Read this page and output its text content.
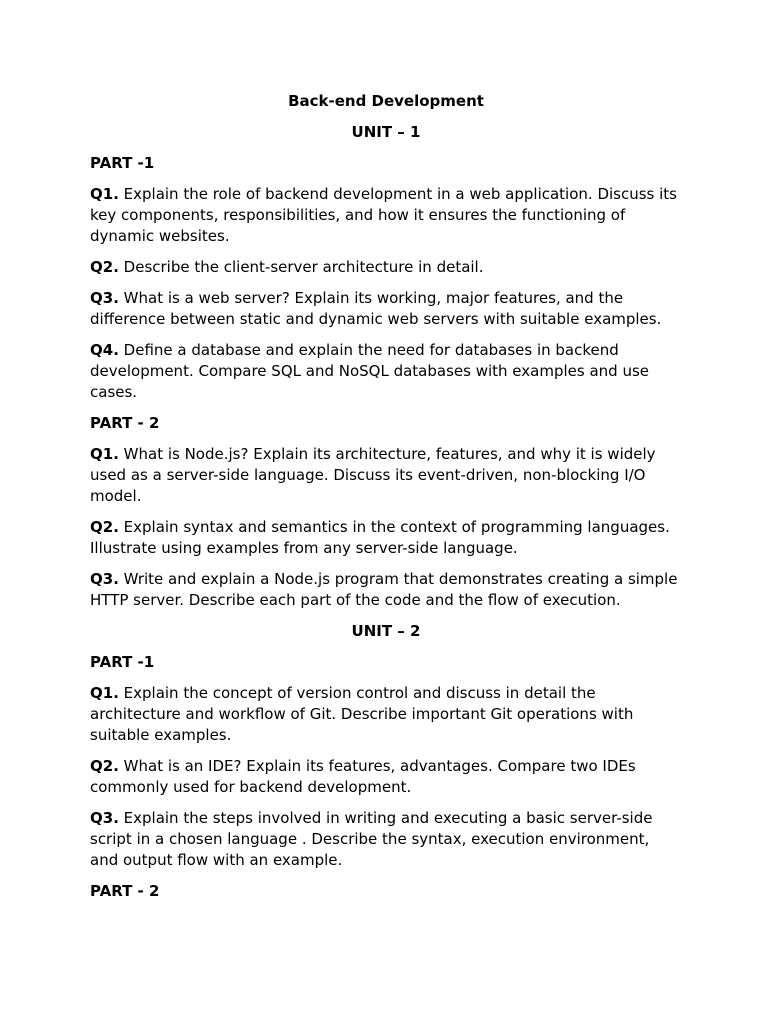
Back-end Development
UNIT – 1
PART -1

Q1. Explain the role of backend development in a web application. Discuss its key components, responsibilities, and how it ensures the functioning of dynamic websites.

Q2. Describe the client-server architecture in detail.

Q3. What is a web server? Explain its working, major features, and the difference between static and dynamic web servers with suitable examples.

Q4. Define a database and explain the need for databases in backend development. Compare SQL and NoSQL databases with examples and use cases.

PART - 2

Q1. What is Node.js? Explain its architecture, features, and why it is widely used as a server-side language. Discuss its event-driven, non-blocking I/O model.

Q2. Explain syntax and semantics in the context of programming languages. Illustrate using examples from any server-side language.

Q3. Write and explain a Node.js program that demonstrates creating a simple HTTP server. Describe each part of the code and the flow of execution.

UNIT – 2
PART -1

Q1. Explain the concept of version control and discuss in detail the architecture and workflow of Git. Describe important Git operations with suitable examples.

Q2. What is an IDE? Explain its features, advantages. Compare two IDEs commonly used for backend development.

Q3. Explain the steps involved in writing and executing a basic server-side script in a chosen language . Describe the syntax, execution environment, and output flow with an example.

PART - 2
